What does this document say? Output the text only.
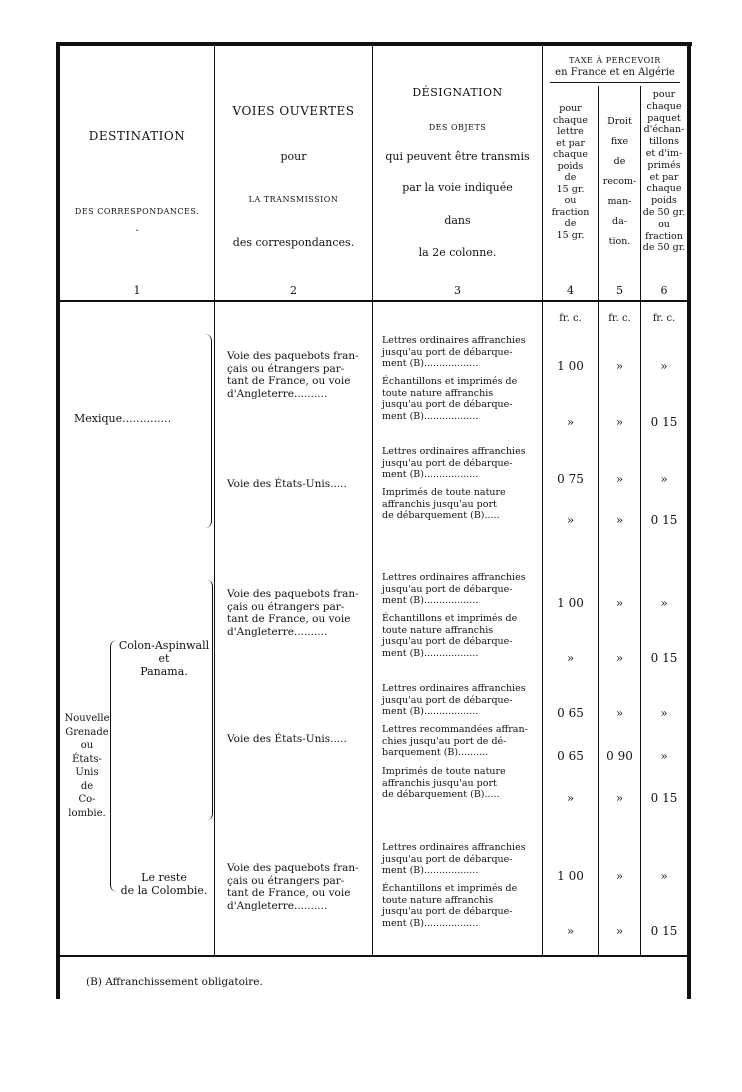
DESTINATION
DES CORRESPONDANCES.
·
1
VOIES OUVERTES
pour
LA TRANSMISSION
des correspondances.
2
DÉSIGNATION
DES OBJETS
qui peuvent être transmis
par la voie indiquée
dans
la 2e colonne.
3
TAXE À PERCEVOIR
en France et en Algérie
pour
chaque
lettre
et par
chaque
poids
de
15 gr.
ou
fraction
de
15 gr.
4
Droit
fixe
de
recom-
man-
da-
tion.
5
pour
chaque
paquet
d'échan-
tillons
et d'im-
primés
et par
chaque
poids
de 50 gr.
ou
fraction
de 50 gr.
6
fr. c.	fr. c.	fr. c.
Mexique..............
Nouvelle
Grenade
ou
États-
Unis
de
Co-
lombie.
Colon-Aspinwall
et
Panama.
Le reste
de la Colombie.
Voie des paquebots fran-
çais ou étrangers par-
tant de France, ou voie
d'Angleterre..........
Voie des États-Unis.....
Voie des paquebots fran-
çais ou étrangers par-
tant de France, ou voie
d'Angleterre..........
Voie des États-Unis.....
Voie des paquebots fran-
çais ou étrangers par-
tant de France, ou voie
d'Angleterre..........
Lettres ordinaires affranchies
jusqu'au port de débarque-
ment (B)..................
Échantillons et imprimés de
toute nature affranchis
jusqu'au port de débarque-
ment (B)..................
Lettres ordinaires affranchies
jusqu'au port de débarque-
ment (B)..................
Imprimés de toute nature
affranchis jusqu'au port
de débarquement (B).....
Lettres ordinaires affranchies
jusqu'au port de débarque-
ment (B)..................
Échantillons et imprimés de
toute nature affranchis
jusqu'au port de débarque-
ment (B)..................
Lettres ordinaires affranchies
jusqu'au port de débarque-
ment (B)..................
Lettres recommandées affran-
chies jusqu'au port de dé-
barquement (B)..........
Imprimés de toute nature
affranchis jusqu'au port
de débarquement (B).....
Lettres ordinaires affranchies
jusqu'au port de débarque-
ment (B)..................
Échantillons et imprimés de
toute nature affranchis
jusqu'au port de débarque-
ment (B)..................
1 00
»
0 75
»
1 00
»
0 65
0 65
»
1 00
»
»
»
»
»
»
»
»
0 90
»
»
»
»
0 15
»
0 15
»
0 15
»
»
0 15
»
0 15
(B) Affranchissement obligatoire.
